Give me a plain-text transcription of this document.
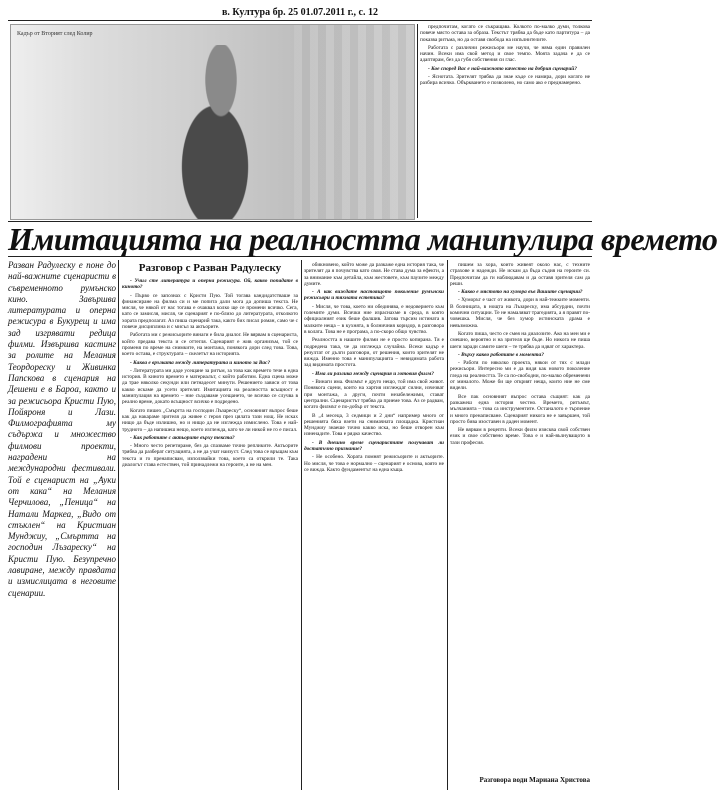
в. Култура бр. 25 01.07.2011 г., с. 12
Кадър от Вторият след Колир

предпочитам, когато се съкращава. Колкото по-малко думи, толкова повече място остава за образа. Текстът трябва да бъде като партитура – да показва ритъма, но да оставя свобода на изпълнителите.

Работата с различни режисьори ме научи, че няма един правилен начин. Всеки има свой метод и свое темпо. Моята задача е да се адаптирам, без да губя собствения си глас.

- Кое според Вас е най-важното качество на добрия сценарий?

- Яснотата. Зрителят трябва да знае къде се намира, дори когато не разбира всичко. Объркването е позволено, но само ако е преднамерено.

Имитацията на реалността манипулира времето
Разван Радулеску е поне до най-важните сценаристи в съвременното румънско кино. Завършва литературата и оперна режисура в Букурещ и има зад изгрявати редица филми. Извършва кастинг за ролите на Мелания Теордореску и Живинка Папскова в сценария на Дешени е в Бароа, както и за режисьора Кристи Пую, Пойяроня и Лази. Филмографията му съдържа и множество филмови проекти, наградени на международни фестивали. Той е сценарист на „Ауки от кака“ на Мелания Черчилова, „Пеница“ на Натали Маркеа, „Видо от стъклен“ на Кристиан Мунджиу, „Смъртта на господин Лъзареску“ на Кристи Пую. Безупречно лавиране, между правдата и измислицата в неговите сценарии.
Разговор с Разван Радулеску

- Учил сте литература и оперна режисура. Ой, какво попадате в киното?

- Първо се запознах с Кристи Пую. Той тогава кандидатстваше за финансиране на филма си и ме попита дали мога да допиша текста. Не мисля, че някой от нас тогава е очаквал колко ще се промени всичко. Сега, като се замисля, мисля, че сценарият е по-близо до литературата, отколкото хората предполагат. Аз пиша сценарий така, както бих писал роман, само че с повече дисциплина и с мисъл за актьорите.

Работата ми с режисьорите винаги е била диалог. Не вярвам в сценариста, който предава текста и се оттегля. Сценарият е жив организъм, той се променя по време на снимките, на монтажа, понякога дори след това. Това, което остава, е структурата – скелетът на историята.

- Каква е връзката между литературата и киното за Вас?

- Литературата ми даде усещане за ритъм, за това как времето тече в една история. В киното времето е материалът, с който работим. Една сцена може да трае няколко секунди или петнадесет минути. Решението зависи от това какво искаме да усети зрителят. Имитацията на реалността всъщност е манипулация на времето – ние създаваме усещането, че всичко се случва в реално време, докато всъщност всичко е подредено.

Когато пишех „Смъртта на господин Лъзареску“, основният въпрос беше как да накараме зрителя да живее с героя през цялата тази нощ. Не исках нищо да бъде излишно, но и нищо да не изглежда измислено. Това е най-трудното – да напишеш нещо, което изглежда, като че ли никой не го е писал.

- Как работите с актьорите върху текста?

- Много често репетираме, без да спазваме точно репликите. Актьорите трябва да разберат ситуацията, а не да учат наизуст. След това се връщам към текста и го пренаписвам, използвайки това, което са открили те. Така диалогът става естествен, той принадлежи на героите, а не на мен.

обикновено, който може да разкаже една история така, че зрителят да я почувства като своя. Не става дума за ефекти, а за внимание към детайла, към жестовете, към паузите между думите.

- А как виждате настоящото поколение румънски режисьори и тяхната естетика?

- Мисля, че това, което ни обединява, е недоверието към големите думи. Всички ние израснахме в среда, в която официалният език беше фалшив. Затова търсим истината в малките неща – в кухнята, в болничния коридор, в разговора в колата. Това не е програма, а по-скоро общо чувство.

Реалността в нашите филми не е просто копирана. Тя е подредена така, че да изглежда случайна. Всеки кадър е резултат от дълги разговори, от решения, които зрителят не вижда. Именно това е манипулацията – невидимата работа зад видимата простота.

- Има ли разлика между сценария и готовия филм?

- Винаги има. Филмът е друго нещо, той има свой живот. Понякога сцени, които на хартия изглеждат силни, изчезват при монтажа, а други, почти незабележими, стават централни. Сценаристът трябва да приеме това. Аз се радвам, когато филмът е по-добър от текста.

В „4 месеца, 3 седмици и 2 дни“ например много от решенията бяха взети на снимачната площадка. Кристиан Мунджиу знаеше точно какво иска, но беше отворен към изненадите. Това е рядко качество.

- В днешно време сценаристите получават ли достатъчно признание?

- Не особено. Хората помнят режисьорите и актьорите. Но мисля, че това е нормално – сценарият е основа, която не се вижда. Както фундаментът на една къща.

пишем за хора, които живеят около нас, с техните страхове и надежди. Не искам да бъда съдия на героите си. Предпочитам да ги наблюдавам и да оставя зрителя сам да реши.

- Какво е мястото на хумора във Вашите сценарии?

- Хуморът е част от живота, дори в най-тежките моменти. В болницата, в нощта на Лъзареску, има абсурдни, почти комични ситуации. Те не намаляват трагедията, а я правят по-човешка. Мисля, че без хумор истинската драма е невъзможна.

Когато пиша, често се смея на диалозите. Ако на мен ми е смешно, вероятно и на зрителя ще бъде. Но никога не пиша шеги заради самите шеги – те трябва да идват от характера.

- Върху какво работите в момента?

- Работя по няколко проекта, някои от тях с млади режисьори. Интересно ми е да видя как новото поколение гледа на реалността. Те са по-свободни, по-малко обременени от миналото. Може би ще открият неща, които ние не сме видели.

Все пак основният въпрос остава същият: как да разкажеш една история честно. Времето, ритъмът, мълчанията – това са инструментите. Останалото е търпение и много пренаписване. Сценарият никога не е завършен, той просто бива изоставен в даден момент.

Не вярвам в рецепти. Всеки филм изисква свой собствен език и свое собствено време. Това е и най-вълнуващото в тази професия.

Разговора води Мариана Христова
